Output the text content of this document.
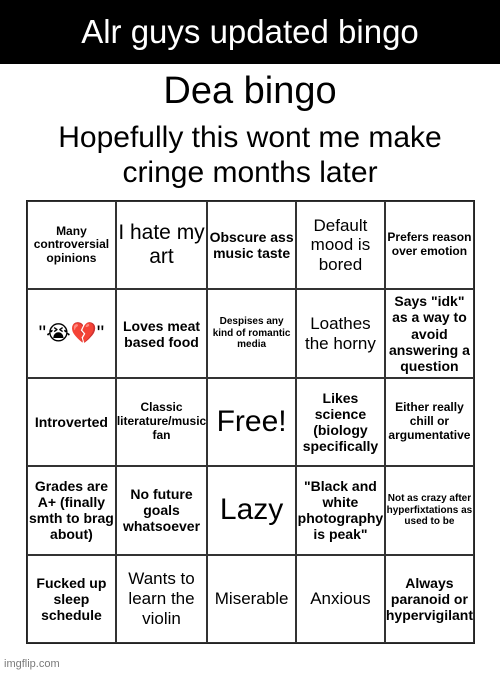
Alr guys updated bingo
Dea bingo
Hopefully this wont me make cringe months later
Many controversial opinions
I hate my art
Obscure ass music taste
Default mood is bored
Prefers reason over emotion
"😭💔"	Loves meat based food
Despises any kind of romantic media
Loathes the horny
Says "idk" as a way to avoid answering a question
Introverted
Classic literature/music fan	Free!
Likes science (biology specifically
Either really chill or argumentative
Grades are A+ (finally smth to brag about)
No future goals whatsoever
Lazy
"Black and white photography is peak"
Not as crazy after hyperfixtations as used to be
Fucked up sleep schedule
Wants to learn the violin
Miserable Anxious
Always paranoid or hypervigilant
imgflip.com
